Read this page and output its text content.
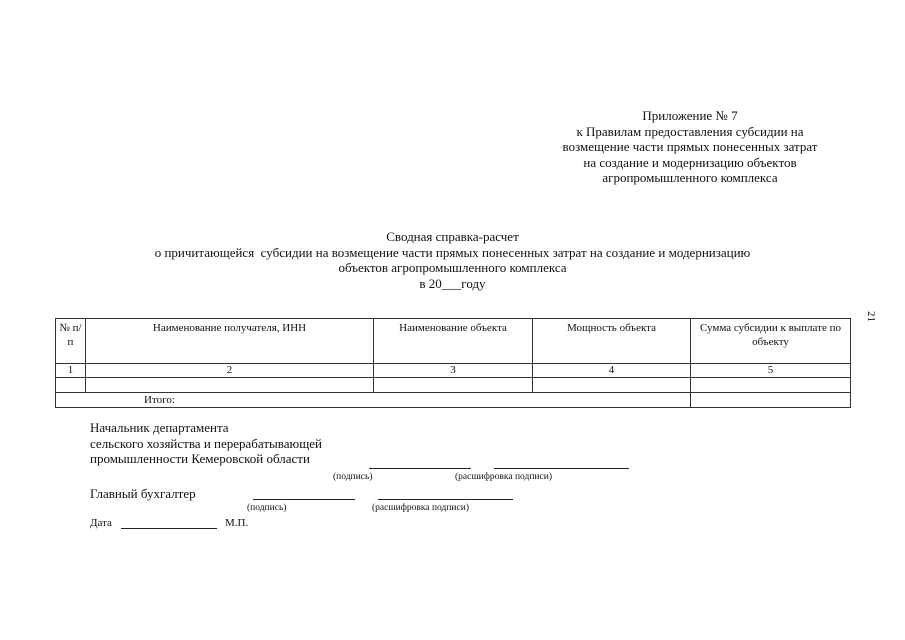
Приложение № 7
к Правилам предоставления субсидии на
возмещение части прямых понесенных затрат
на создание и модернизацию объектов
агропромышленного комплекса
21
Сводная справка-расчет
о причитающейся  субсидии на возмещение части прямых понесенных затрат на создание и модернизацию
объектов агропромышленного комплекса
в 20___году
№ п/п	Наименование получателя, ИНН	Наименование объекта	Мощность объекта	Сумма субсидии к выплате по объекту
1	2	3	4	5

Итого:				
Начальник департамента
сельского хозяйства и перерабатывающей
промышленности Кемеровской области
(подпись)	(расшифровка подписи)
Главный бухгалтер
(подпись)	(расшифровка подписи)
Дата	М.П.
